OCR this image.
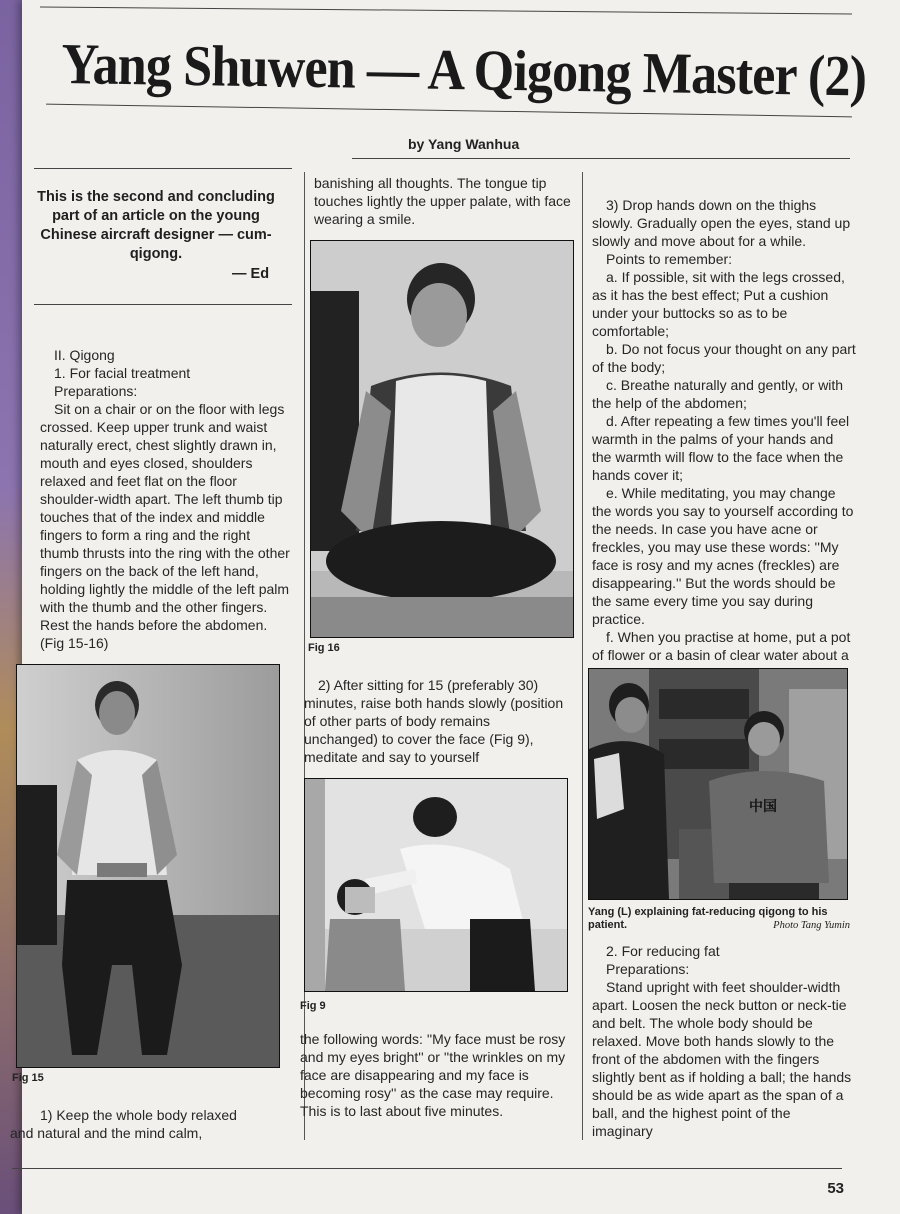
Yang Shuwen — A Qigong Master (2)
by Yang Wanhua
This is the second and concluding part of an article on the young Chinese aircraft designer — cum-qigong.
— Ed

II. Qigong

1. For facial treatment

Preparations:

Sit on a chair or on the floor with legs crossed. Keep upper trunk and waist naturally erect, chest slightly drawn in, mouth and eyes closed, shoulders relaxed and feet flat on the floor shoulder-width apart. The left thumb tip touches that of the index and middle fingers to form a ring and the right thumb thrusts into the ring with the other fingers on the back of the left hand, holding lightly the middle of the left palm with the thumb and the other fingers. Rest the hands before the abdomen. (Fig 15-16)

Fig 15

1) Keep the whole body relaxed and natural and the mind calm,

banishing all thoughts. The tongue tip touches lightly the upper palate, with face wearing a smile.

Fig 16

2) After sitting for 15 (preferably 30) minutes, raise both hands slowly (position of other parts of body remains unchanged) to cover the face (Fig 9), meditate and say to yourself

Fig 9

the following words: ''My face must be rosy and my eyes bright'' or ''the wrinkles on my face are disappearing and my face is becoming rosy'' as the case may require. This is to last about five minutes.

3) Drop hands down on the thighs slowly. Gradually open the eyes, stand up slowly and move about for a while.

Points to remember:

a. If possible, sit with the legs crossed, as it has the best effect; Put a cushion under your buttocks so as to be comfortable;

b. Do not focus your thought on any part of the body;

c. Breathe naturally and gently, or with the help of the abdomen;

d. After repeating a few times you'll feel warmth in the palms of your hands and the warmth will flow to the face when the hands cover it;

e. While meditating, you may change the words you say to yourself according to the needs. In case you have acne or freckles, you may use these words: ''My face is rosy and my acnes (freckles) are disappearing.'' But the words should be the same every time you say during practice.

f. When you practise at home, put a pot of flower or a basin of clear water about a

中国
Yang (L) explaining fat-reducing qigong to his patient.	Photo Tang Yumin

2. For reducing fat

Preparations:

Stand upright with feet shoulder-width apart. Loosen the neck button or neck-tie and belt. The whole body should be relaxed. Move both hands slowly to the front of the abdomen with the fingers slightly bent as if holding a ball; the hands should be as wide apart as the span of a ball, and the highest point of the imaginary

53
